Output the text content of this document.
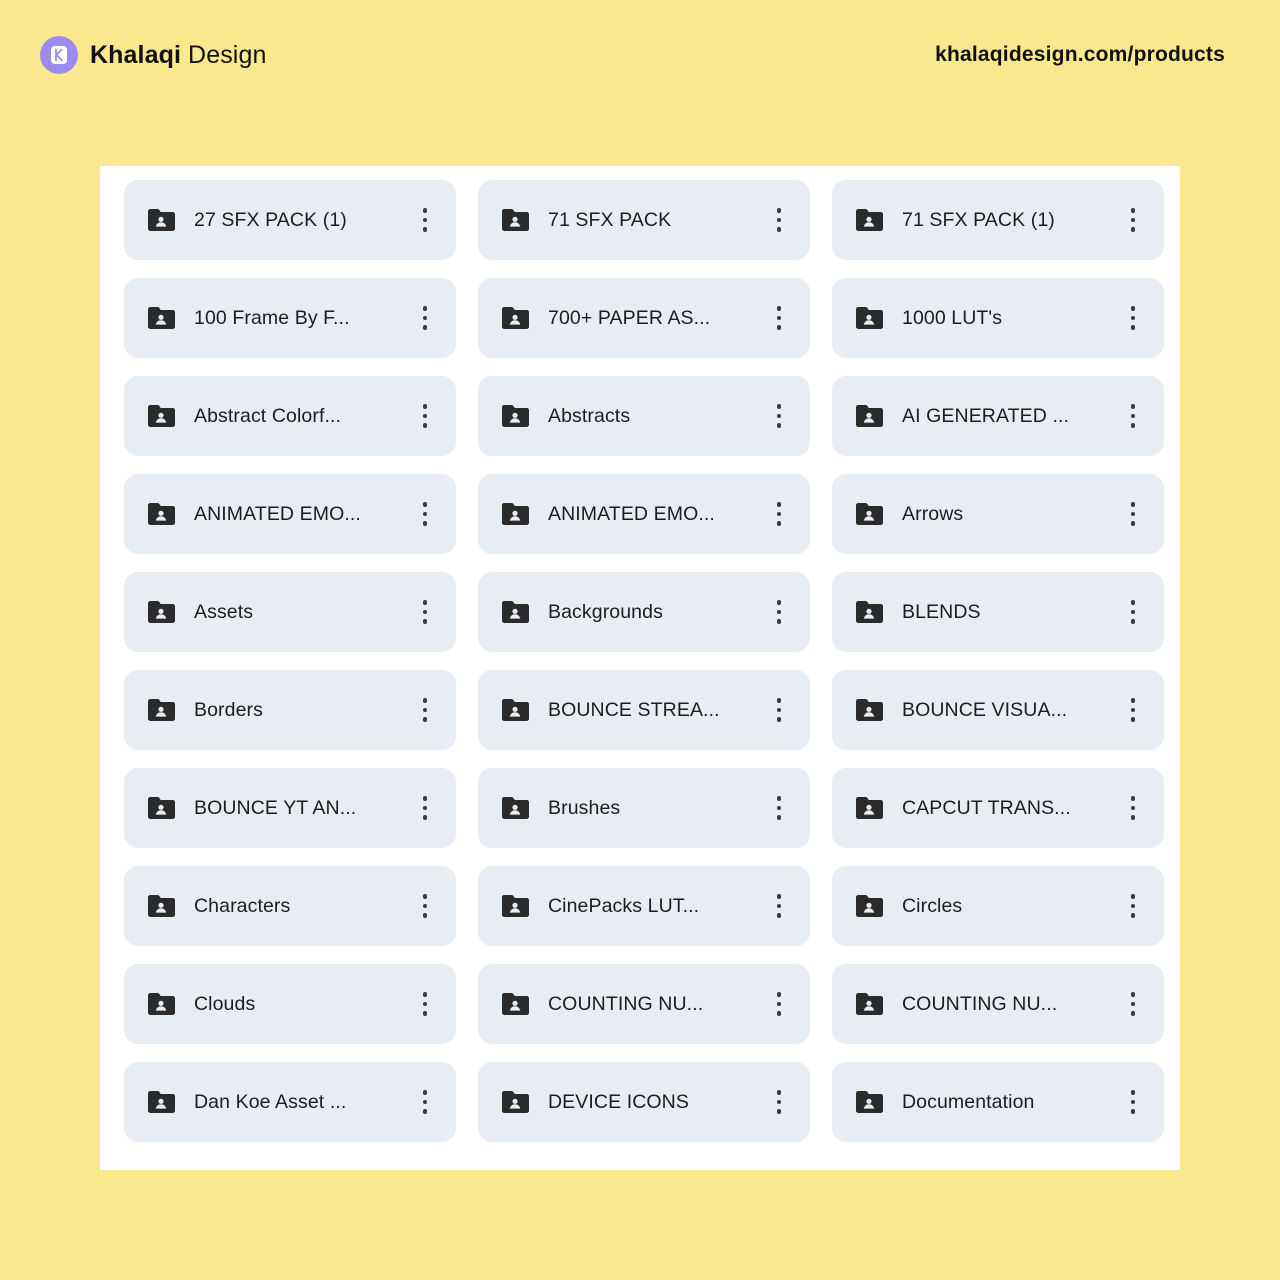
Khalaqi Design	khalaqidesign.com/products
27 SFX PACK (1)	71 SFX PACK	71 SFX PACK (1)
100 Frame By F...	700+ PAPER AS...	1000 LUT's
Abstract Colorf...	Abstracts	AI GENERATED ...
ANIMATED EMO...	ANIMATED EMO...	Arrows
Assets	Backgrounds	BLENDS
Borders	BOUNCE STREA...	BOUNCE VISUA...
BOUNCE YT AN...	Brushes	CAPCUT TRANS...
Characters	CinePacks LUT...	Circles
Clouds	COUNTING NU...	COUNTING NU...
Dan Koe Asset ...	DEVICE ICONS	Documentation
